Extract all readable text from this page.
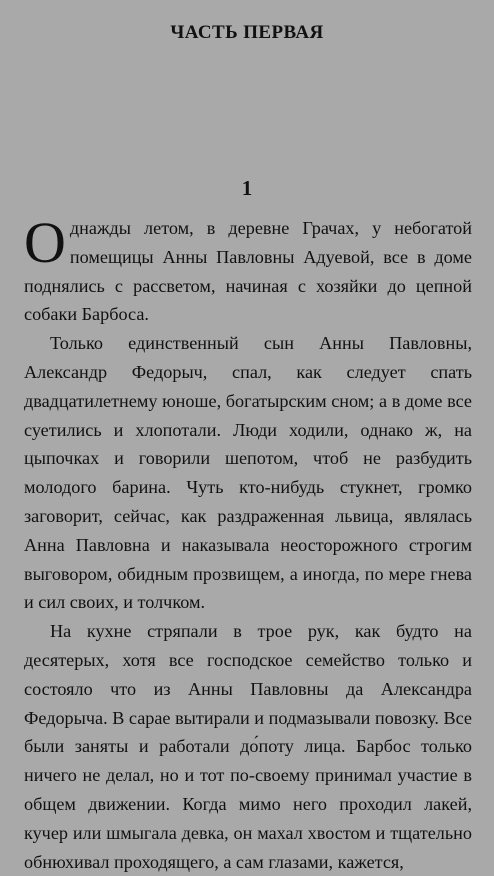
ЧАСТЬ ПЕРВАЯ
1

Однажды летом, в деревне Грачах, у небогатой помещицы Анны Павловны Адуевой, все в доме поднялись с рассветом, начиная с хозяйки до цепной собаки Барбоса.

Только единственный сын Анны Павловны, Александр Федорыч, спал, как следует спать двадцатилетнему юноше, богатырским сном; а в доме все суетились и хлопотали. Люди ходили, однако ж, на цыпочках и говорили шепотом, чтоб не разбудить молодого барина. Чуть кто-нибудь стукнет, громко заговорит, сейчас, как раздраженная львица, являлась Анна Павловна и наказывала неосторожного строгим выговором, обидным прозвищем, а иногда, по мере гнева и сил своих, и толчком.

На кухне стряпали в трое рук, как будто на десятерых, хотя все господское семейство только и состояло что из Анны Павловны да Александра Федорыча. В сарае вытирали и подмазывали повозку. Все были заняты и работали до́поту лица. Барбос только ничего не делал, но и тот по-своему принимал участие в общем движении. Когда мимо него проходил лакей, кучер или шмыгала девка, он махал хвостом и тщательно обнюхивал проходящего, а сам глазами, кажется,
